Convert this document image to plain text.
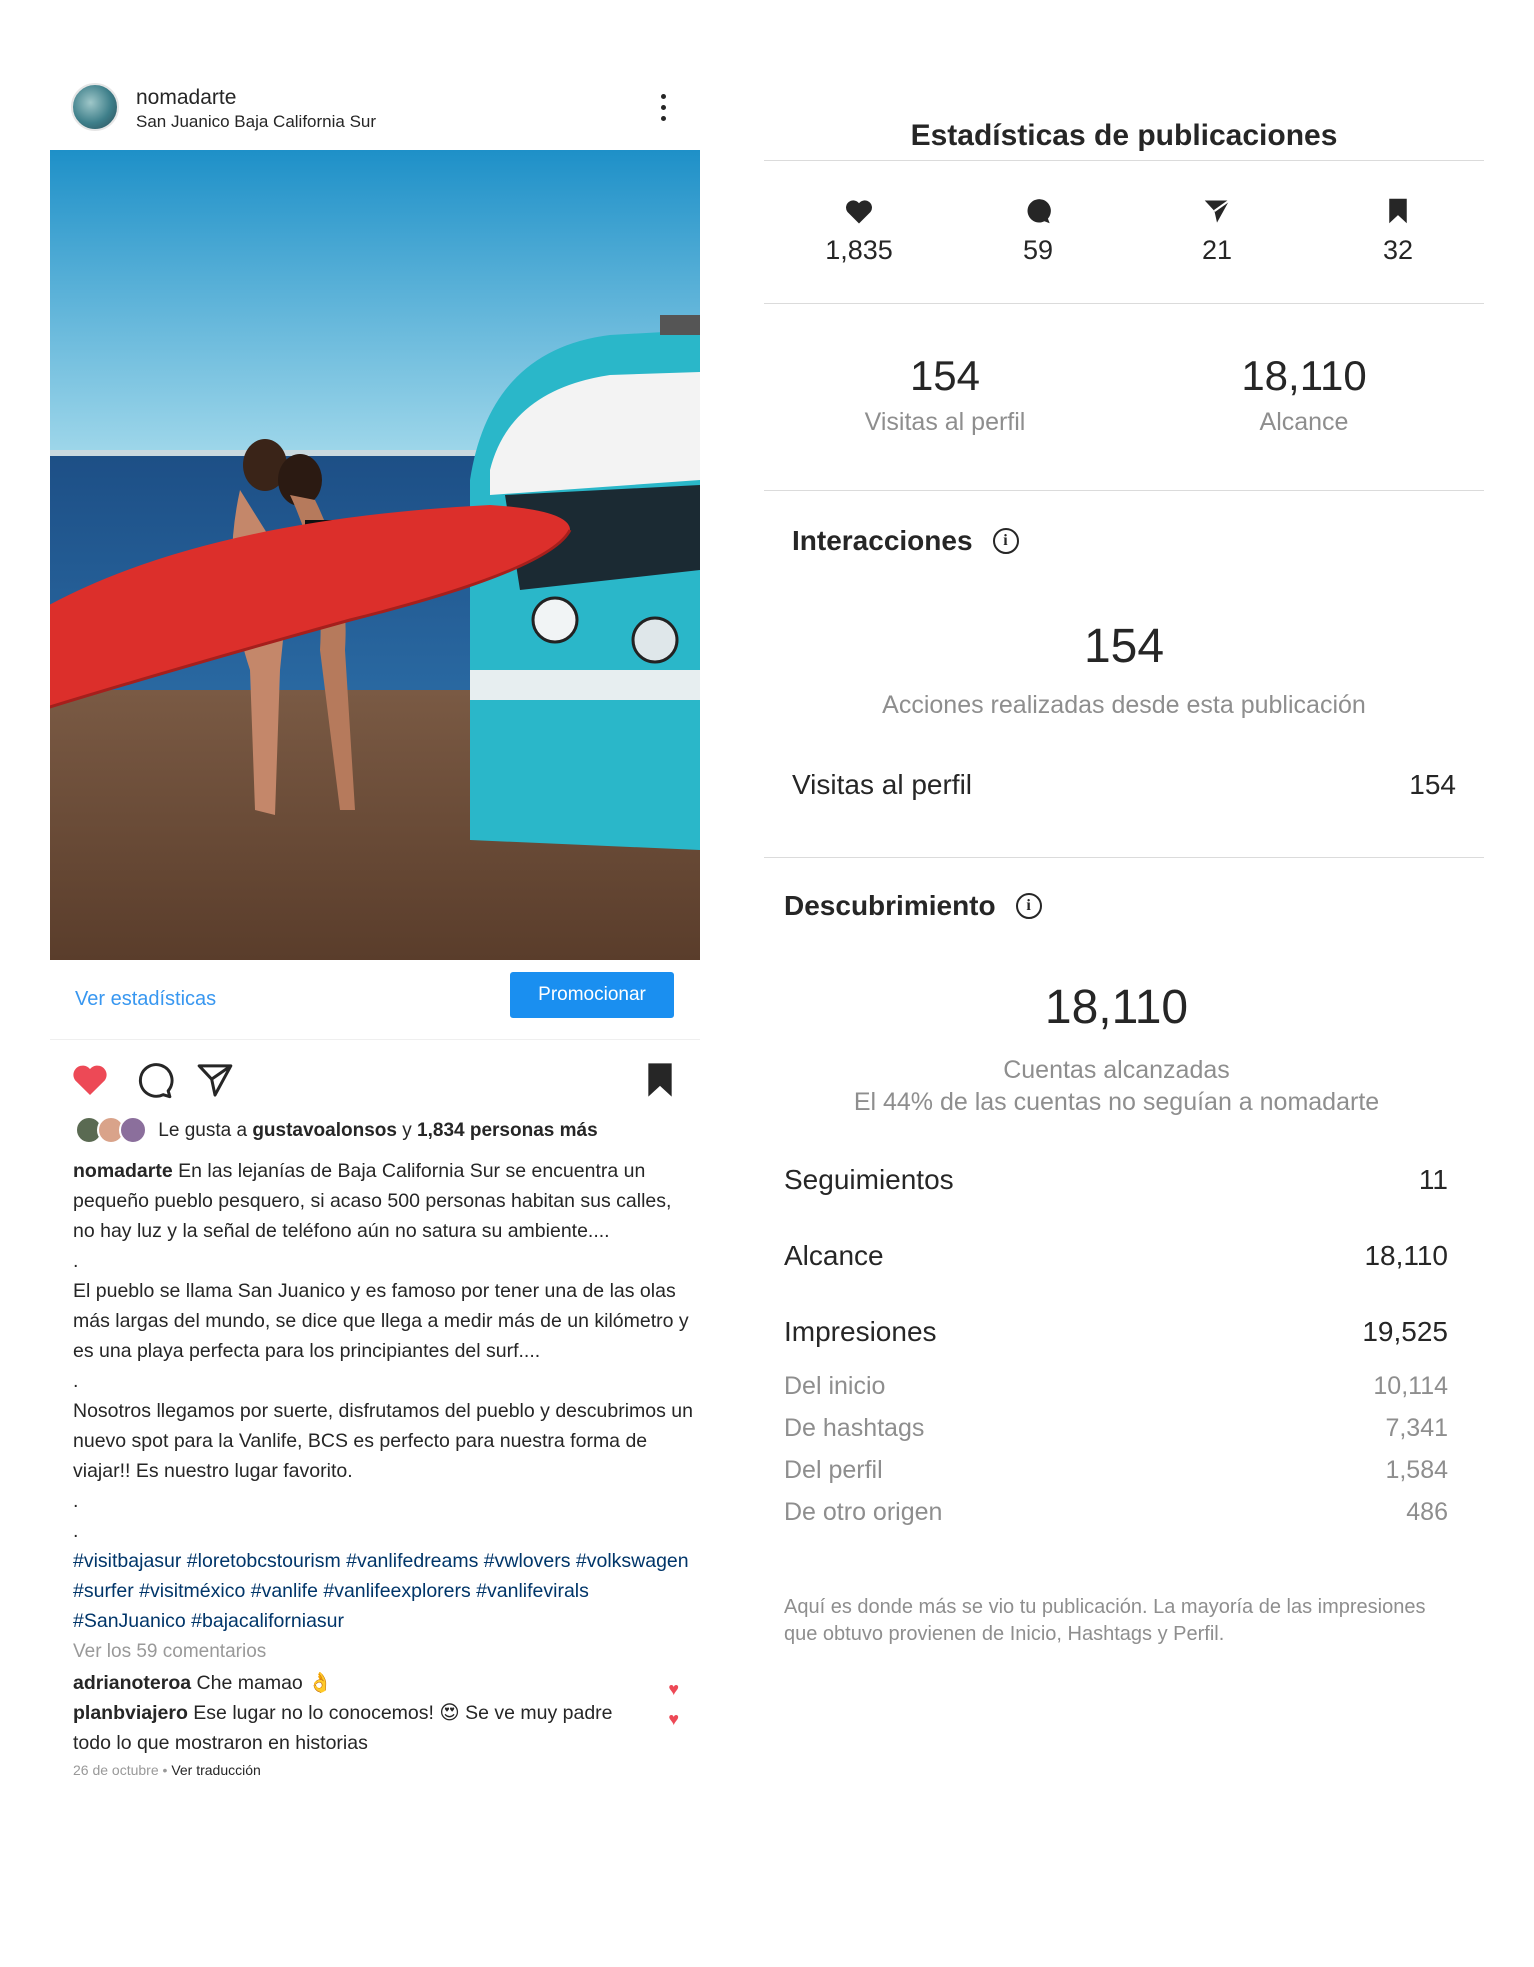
nomadarte
San Juanico Baja California Sur
Ver estadísticas	Promocionar
Le gusta a gustavoalonsos y 1,834 personas más

nomadarte En las lejanías de Baja California Sur se encuentra un pequeño pueblo pesquero, si acaso 500 personas habitan sus calles, no hay luz y la señal de teléfono aún no satura su ambiente....

.

El pueblo se llama San Juanico y es famoso por tener una de las olas más largas del mundo, se dice que llega a medir más de un kilómetro y es una playa perfecta para los principiantes del surf....

.

Nosotros llegamos por suerte, disfrutamos del pueblo y descubrimos un nuevo spot para la Vanlife, BCS es perfecto para nuestra forma de viajar!! Es nuestro lugar favorito.

.

.

#visitbajasur #loretobcstourism #vanlifedreams #vwlovers #volkswagen #surfer #visitméxico #vanlife #vanlifeexplorers #vanlifevirals #SanJuanico #bajacaliforniasur

Ver los 59 comentarios

adrianoteroa Che mamao 👌	♥

planbviajero Ese lugar no lo conocemos! 😍 Se ve muy padre todo lo que mostraron en historias
♥

26 de octubre • Ver traducción

Estadísticas de publicaciones
1,835	59	21	32
154
Visitas al perfil
18,110
Alcance
Interacciones	i
154
Acciones realizadas desde esta publicación
Visitas al perfil	154
Descubrimiento	i
18,110
Cuentas alcanzadas
El 44% de las cuentas no seguían a nomadarte
Seguimientos	11
Alcance	18,110
Impresiones	19,525
Del inicio	10,114
De hashtags	7,341
Del perfil	1,584
De otro origen	486
Aquí es donde más se vio tu publicación. La mayoría de las impresiones que obtuvo provienen de Inicio, Hashtags y Perfil.
